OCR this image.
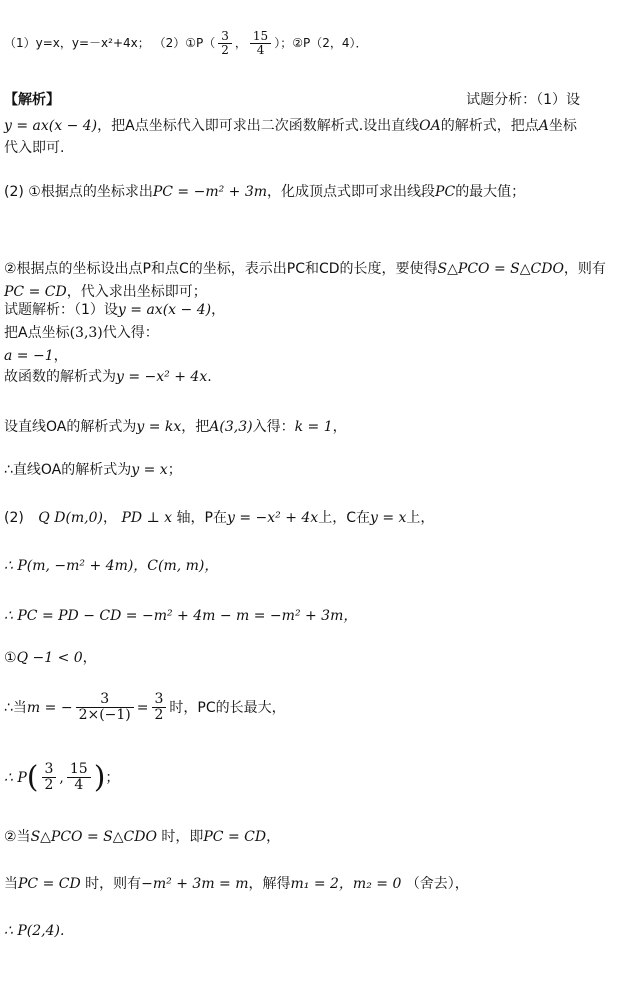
（1）y=x，y=－x²+4x； （2）①P（ $\frac{3}{2}$ ， $\frac{15}{4}$ ）；②P（2，4）．
【解析】	试题分析：（1）设
y = ax(x − 4)，把A点坐标代入即可求出二次函数解析式.设出直线OA的解析式，把点A坐标
代入即可.
(2) ①根据点的坐标求出PC = −m² + 3m，化成顶点式即可求出线段PC的最大值；
②根据点的坐标设出点P和点C的坐标，表示出PC和CD的长度，要使得S△PCO = S△CDO，则有
PC = CD，代入求出坐标即可；
试题解析：（1）设y = ax(x − 4)，
把A点坐标(3,3)代入得：
a = −1，
故函数的解析式为y = −x² + 4x.
设直线OA的解析式为y = kx，把A(3,3)入得：k = 1，
∴直线OA的解析式为y = x；
(2) Q D(m,0)， PD ⊥ x 轴，P在y = −x² + 4x上，C在y = x上，
∴ P(m, −m² + 4m)，C(m, m)，
∴ PC = PD − CD = −m² + 4m − m = −m² + 3m，
①Q −1 < 0，
∴当m = − $\frac{3}{2\times(-1)} = \frac{3}{2}$ 时，PC的长最大，
∴ $P( \frac{3}{2}$ , $\frac{15}{4}$ )；
②当S△PCO = S△CDO 时，即PC = CD，
当PC = CD 时，则有−m² + 3m = m，解得m₁ = 2，m₂ = 0 （舍去），
∴ P(2,4).
